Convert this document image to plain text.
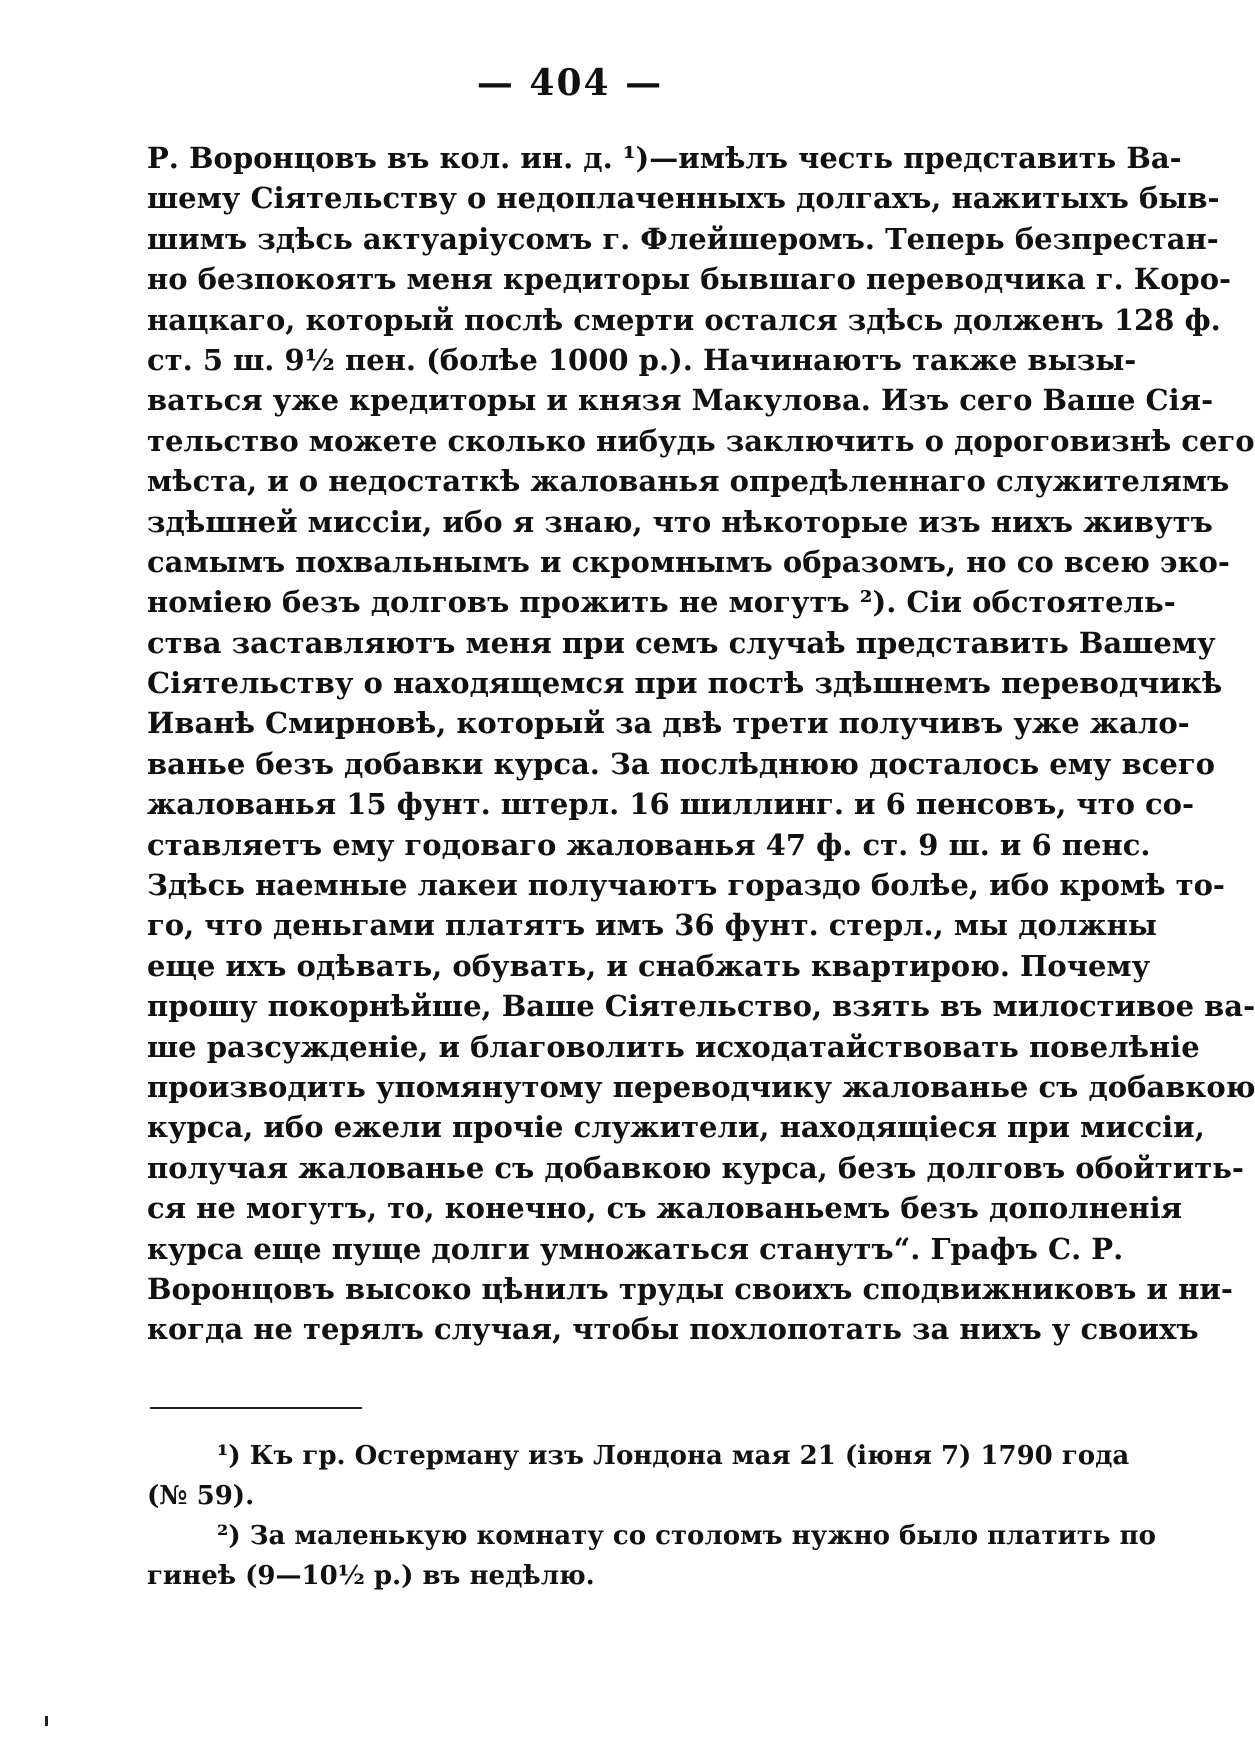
— 404 —
Р. Воронцовъ въ кол. ин. д. ¹)—имѣлъ честь представить Ва-
шему Сіятельству о недоплаченныхъ долгахъ, нажитыхъ быв-
шимъ здѣсь актуаріусомъ г. Флейшеромъ. Теперь безпрестан-
но безпокоятъ меня кредиторы бывшаго переводчика г. Коро-
нацкаго, который послѣ смерти остался здѣсь долженъ 128 ф.
ст. 5 ш. 9½ пен. (болѣе 1000 р.). Начинаютъ также вызы-
ваться уже кредиторы и князя Макулова. Изъ сего Ваше Сія-
тельство можете сколько нибудь заключить о дороговизнѣ сего
мѣста, и о недостаткѣ жалованья опредѣленнаго служителямъ
здѣшней миссіи, ибо я знаю, что нѣкоторые изъ нихъ живутъ
самымъ похвальнымъ и скромнымъ образомъ, но со всею эко-
номіею безъ долговъ прожить не могутъ ²). Сіи обстоятель-
ства заставляютъ меня при семъ случаѣ представить Вашему
Сіятельству о находящемся при постѣ здѣшнемъ переводчикѣ
Иванѣ Смирновѣ, который за двѣ трети получивъ уже жало-
ванье безъ добавки курса. За послѣднюю досталось ему всего
жалованья 15 фунт. штерл. 16 шиллинг. и 6 пенсовъ, что со-
ставляетъ ему годоваго жалованья 47 ф. ст. 9 ш. и 6 пенс.
Здѣсь наемные лакеи получаютъ гораздо болѣе, ибо кромѣ то-
го, что деньгами платятъ имъ 36 фунт. стерл., мы должны
еще ихъ одѣвать, обувать, и снабжать квартирою. Почему
прошу покорнѣйше, Ваше Сіятельство, взять въ милостивое ва-
ше разсужденіе, и благоволить исходатайствовать повелѣніе
производить упомянутому переводчику жалованье съ добавкою
курса, ибо ежели прочіе служители, находящіеся при миссіи,
получая жалованье съ добавкою курса, безъ долговъ обойтить-
ся не могутъ, то, конечно, съ жалованьемъ безъ дополненія
курса еще пуще долги умножаться станутъ“. Графъ С. Р.
Воронцовъ высоко цѣнилъ труды своихъ сподвижниковъ и ни-
когда не терялъ случая, чтобы похлопотать за нихъ у своихъ
¹) Къ гр. Остерману изъ Лондона мая 21 (іюня 7) 1790 года
(№ 59).
²) За маленькую комнату со столомъ нужно было платить по
гинеѣ (9—10½ р.) въ недѣлю.
